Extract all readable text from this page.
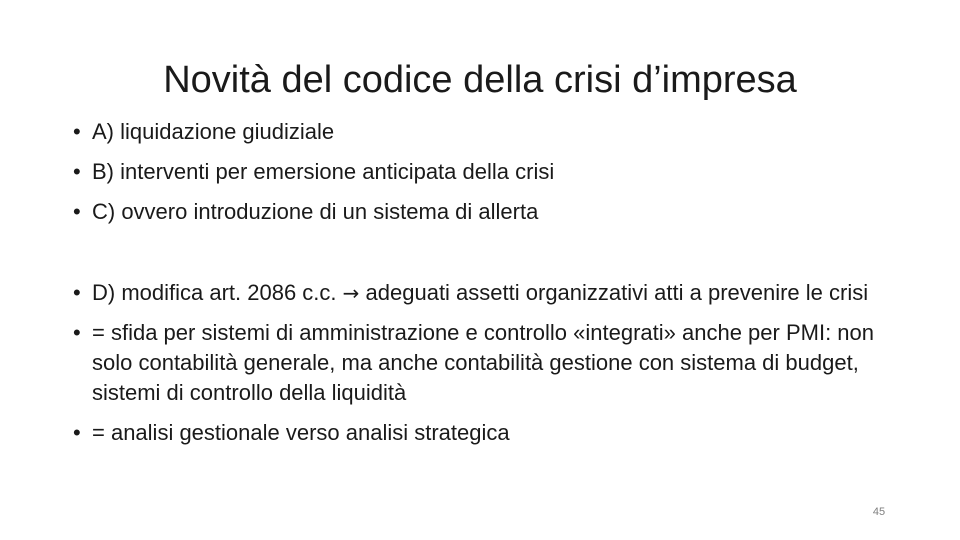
Novità del codice della crisi d’impresa
• A) liquidazione giudiziale
• B) interventi per emersione anticipata della crisi
• C) ovvero introduzione di un sistema di allerta
• D) modifica art. 2086 c.c. → adeguati assetti organizzativi atti a prevenire le crisi
• = sfida per sistemi di amministrazione e controllo «integrati» anche per PMI: non solo contabilità generale, ma anche contabilità gestione con sistema di budget, sistemi di controllo della liquidità
• = analisi gestionale verso analisi strategica
45
